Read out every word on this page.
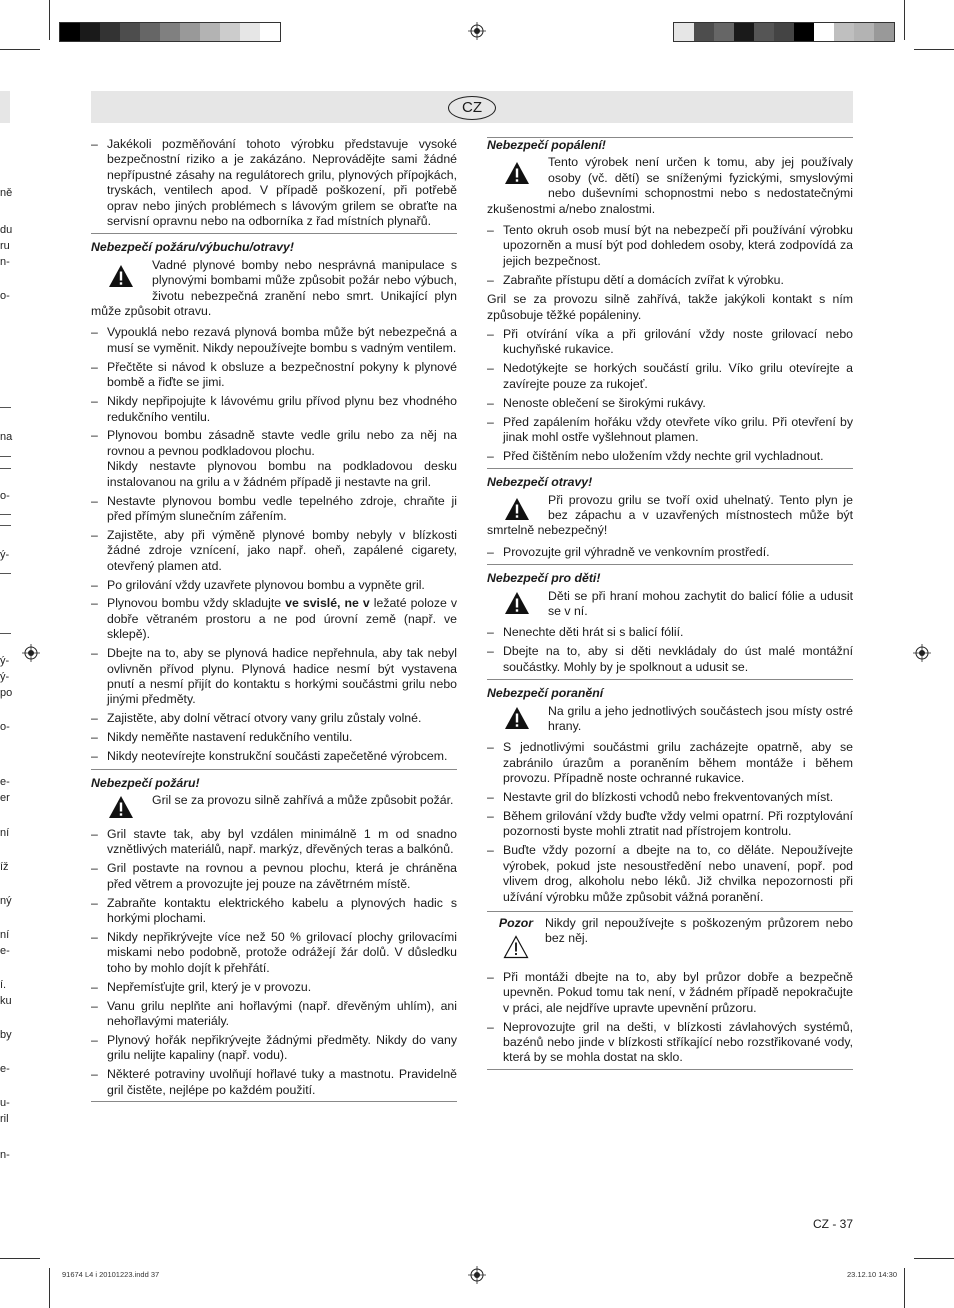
ně
du
ru
n-
o-
na
o-
ý-
ý-
ý-
po
o-
e-
er
ní
íž
ný
ní
e-
í.
ku
by
e-
u-
ril
n-
CZ
– Jakékoli pozměňování tohoto výrobku představuje vysoké bezpečnostní riziko a je zakázáno. Neprovádějte sami žádné nepřípustné zásahy na regulátorech grilu, plynových přípojkách, tryskách, ventilech apod. V případě poškození, při potřebě oprav nebo jiných problémech s lávovým grilem se obraťte na servisní opravnu nebo na odborníka z řad místních plynařů.

Nebezpečí požáru/výbuchu/otravy!

Vadné plynové bomby nebo nesprávná manipulace s plynovými bombami může způsobit požár nebo výbuch, životu nebezpečná zranění nebo smrt. Unikající plyn může způsobit otravu.

– Vypouklá nebo rezavá plynová bomba může být nebezpečná a musí se vyměnit. Nikdy nepoužívejte bombu s vadným ventilem.
– Přečtěte si návod k obsluze a bezpečnostní pokyny k plynové bombě a řiďte se jimi.
– Nikdy nepřipojujte k lávovému grilu přívod plynu bez vhodného redukčního ventilu.
– Plynovou bombu zásadně stavte vedle grilu nebo za něj na rovnou a pevnou podkladovou plochu.
Nikdy nestavte plynovou bombu na podkladovou desku instalovanou na grilu a v žádném případě ji nestavte na gril.
– Nestavte plynovou bombu vedle tepelného zdroje, chraňte ji před přímým slunečním zářením.
– Zajistěte, aby při výměně plynové bomby nebyly v blízkosti žádné zdroje vznícení, jako např. oheň, zapálené cigarety, otevřený plamen atd.
– Po grilování vždy uzavřete plynovou bombu a vypněte gril.
– Plynovou bombu vždy skladujte ve svislé, ne v ležaté poloze v dobře větraném prostoru a ne pod úrovní země (např. ve sklepě).
– Dbejte na to, aby se plynová hadice nepřehnula, aby tak nebyl ovlivněn přívod plynu. Plynová hadice nesmí být vystavena pnutí a nesmí přijít do kontaktu s horkými součástmi grilu nebo jinými předměty.
– Zajistěte, aby dolní větrací otvory vany grilu zůstaly volné.
– Nikdy neměňte nastavení redukčního ventilu.
– Nikdy neotevírejte konstrukční součásti zapečetěné výrobcem.

Nebezpečí požáru!

Gril se za provozu silně zahřívá a může způsobit požár.

– Gril stavte tak, aby byl vzdálen minimálně 1 m od snadno vznětlivých materiálů, např. markýz, dřevěných teras a balkónů.
– Gril postavte na rovnou a pevnou plochu, která je chráněna před větrem a provozujte jej pouze na závětrném místě.
– Zabraňte kontaktu elektrického kabelu a plynových hadic s horkými plochami.
– Nikdy nepřikrývejte více než 50 % grilovací plochy grilovacími miskami nebo podobně, protože odrážejí žár dolů. V důsledku toho by mohlo dojít k přehřátí.
– Nepřemísťujte gril, který je v provozu.
– Vanu grilu neplňte ani hořlavými (např. dřevěným uhlím), ani nehořlavými materiály.
– Plynový hořák nepřikrývejte žádnými předměty. Nikdy do vany grilu nelijte kapaliny (např. vodu).
– Některé potraviny uvolňují hořlavé tuky a mastnotu. Pravidelně gril čistěte, nejlépe po každém použití.

Nebezpečí popálení!

Tento výrobek není určen k tomu, aby jej používaly osoby (vč. dětí) se sníženými fyzickými, smyslovými nebo duševními schopnostmi nebo s nedostatečnými zkušenostmi a/nebo znalostmi.

– Tento okruh osob musí být na nebezpečí při používání výrobku upozorněn a musí být pod dohledem osoby, která zodpovídá za jejich bezpečnost.
– Zabraňte přístupu dětí a domácích zvířat k výrobku.

Gril se za provozu silně zahřívá, takže jakýkoli kontakt s ním způsobuje těžké popáleniny.

– Při otvírání víka a při grilování vždy noste grilovací nebo kuchyňské rukavice.
– Nedotýkejte se horkých součástí grilu. Víko grilu otevírejte a zavírejte pouze za rukojeť.
– Nenoste oblečení se širokými rukávy.
– Před zapálením hořáku vždy otevřete víko grilu. Při otevření by jinak mohl ostře vyšlehnout plamen.
– Před čištěním nebo uložením vždy nechte gril vychladnout.

Nebezpečí otravy!

Při provozu grilu se tvoří oxid uhelnatý. Tento plyn je bez zápachu a v uzavřených místnostech může být smrtelně nebezpečný!

– Provozujte gril výhradně ve venkovním prostředí.

Nebezpečí pro děti!

Děti se při hraní mohou zachytit do balicí fólie a udusit se v ní.

– Nenechte děti hrát si s balicí fólií.
– Dbejte na to, aby si děti nevkládaly do úst malé montážní součástky. Mohly by je spolknout a udusit se.

Nebezpečí poranění

Na grilu a jeho jednotlivých součástech jsou místy ostré hrany.

– S jednotlivými součástmi grilu zacházejte opatrně, aby se zabránilo úrazům a poraněním během montáže i během provozu. Případně noste ochranné rukavice.
– Nestavte gril do blízkosti vchodů nebo frekventovaných míst.
– Během grilování vždy buďte vždy velmi opatrní. Při rozptylování pozornosti byste mohli ztratit nad přístrojem kontrolu.
– Buďte vždy pozorní a dbejte na to, co děláte. Nepoužívejte výrobek, pokud jste nesoustředění nebo unavení, popř. pod vlivem drog, alkoholu nebo léků. Již chvilka nepozornosti při užívání výrobku může způsobit vážná poranění.
Pozor Nikdy gril nepoužívejte s poškozeným průzorem nebo bez něj.

– Při montáži dbejte na to, aby byl průzor dobře a bezpečně upevněn. Pokud tomu tak není, v žádném případě nepokračujte v práci, ale nejdříve upravte upevnění průzoru.
– Neprovozujte gril na dešti, v blízkosti závlahových systémů, bazénů nebo jinde v blízkosti stříkající nebo rozstřikované vody, která by se mohla dostat na sklo.
CZ - 37
91674 L4 i 20101223.indd 37	23.12.10 14:30
